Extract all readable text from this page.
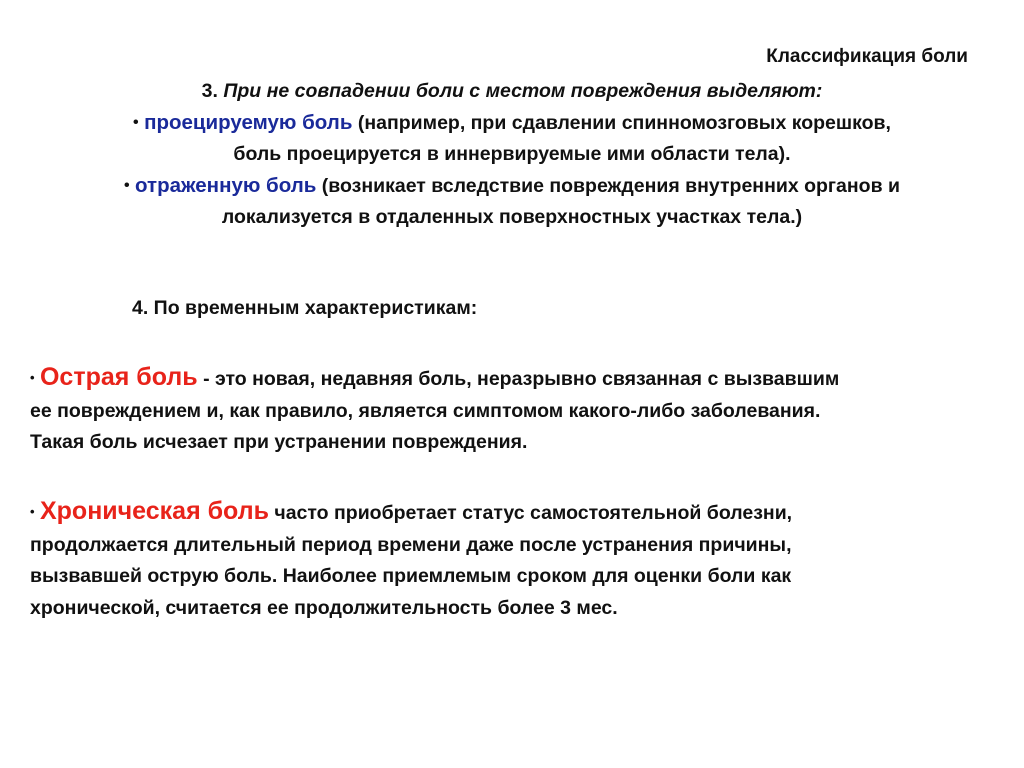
Классификация боли
3. При не совпадении боли с местом повреждения выделяют:
• проецируемую боль (например, при сдавлении спинномозговых корешков,
боль проецируется в иннервируемые ими области тела).
• отраженную боль (возникает вследствие повреждения внутренних органов и
локализуется в отдаленных поверхностных участках тела.)
4. По временным характеристикам:
• Острая боль - это новая, недавняя боль, неразрывно связанная с вызвавшим
ее повреждением и, как правило, является симптомом какого-либо заболевания.
Такая боль исчезает при устранении повреждения.
• Хроническая боль часто приобретает статус самостоятельной болезни,
продолжается длительный период времени даже после устранения причины,
вызвавшей острую боль. Наиболее приемлемым сроком для оценки боли как
хронической, считается ее продолжительность более 3 мес.
